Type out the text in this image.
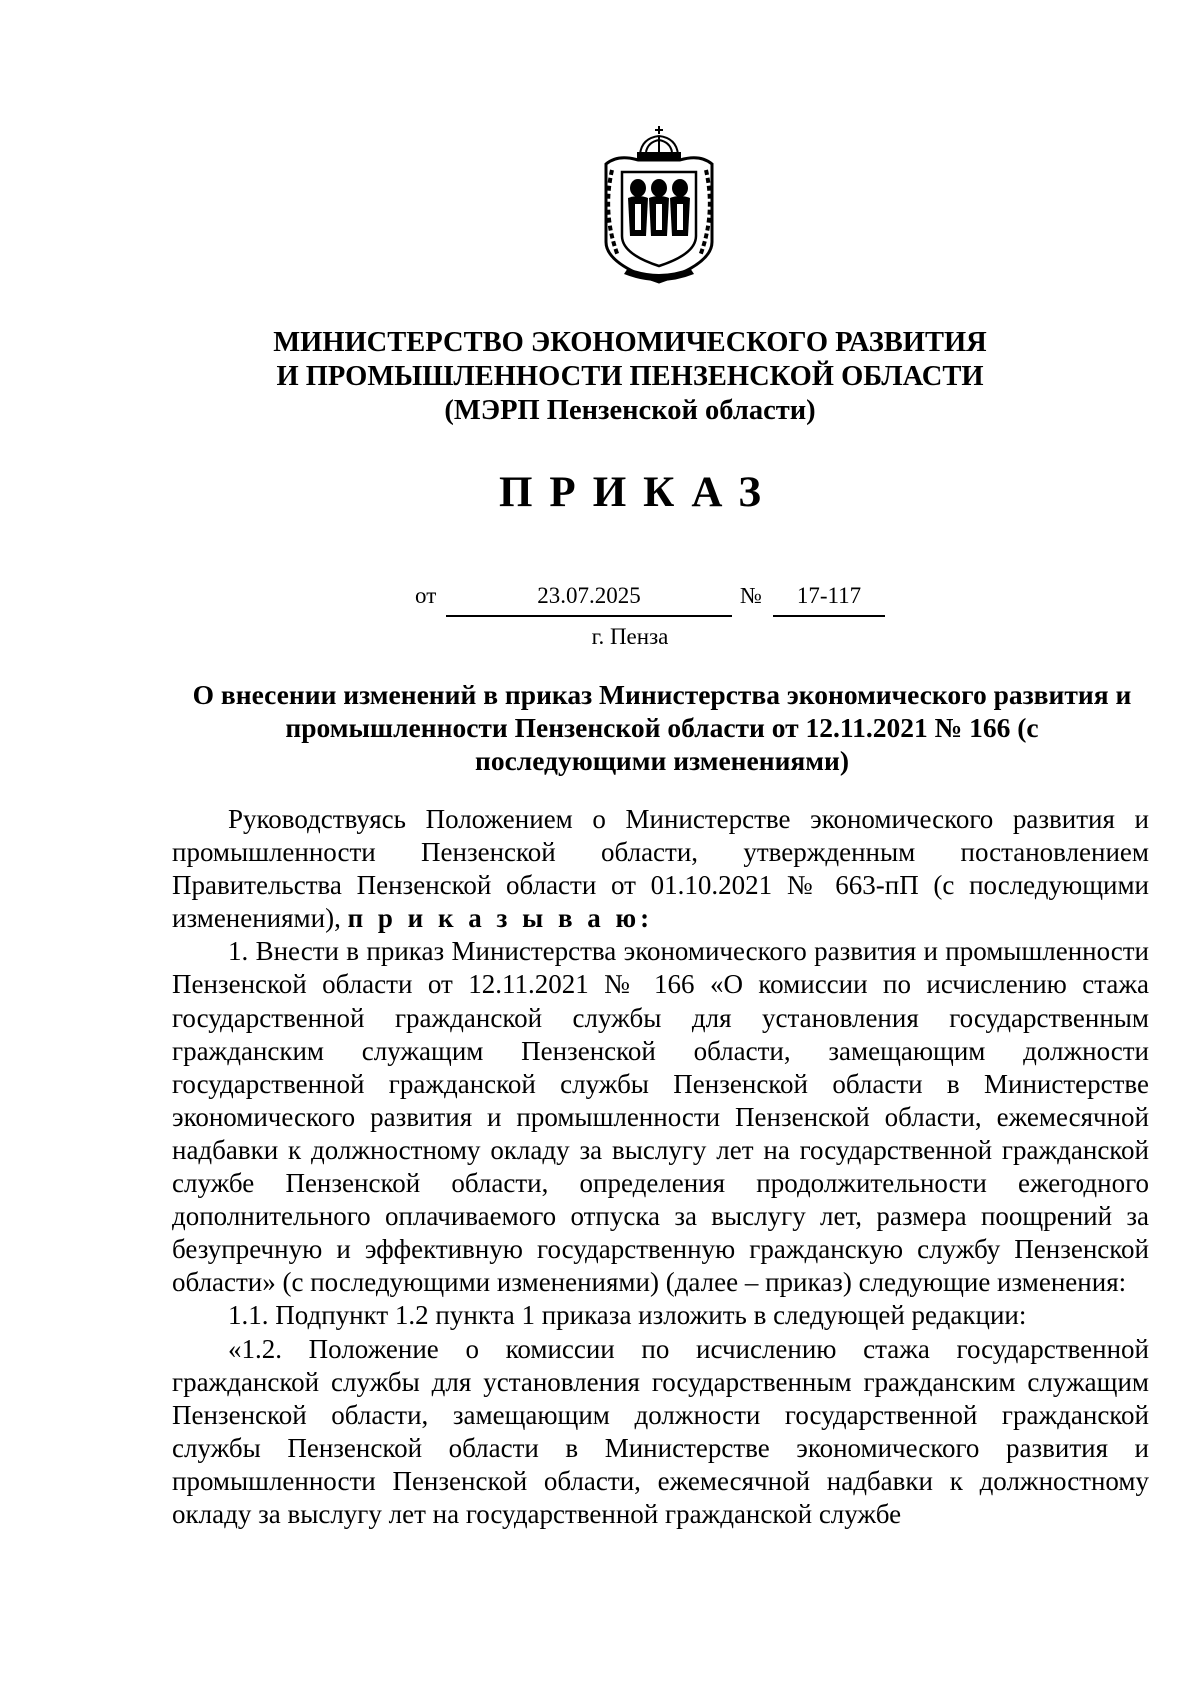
МИНИСТЕРСТВО ЭКОНОМИЧЕСКОГО РАЗВИТИЯ
И ПРОМЫШЛЕННОСТИ ПЕНЗЕНСКОЙ ОБЛАСТИ
(МЭРП Пензенской области)
ПРИКАЗ
от	23.07.2025	№	17-117
г. Пенза
О внесении изменений в приказ Министерства экономического развития и
промышленности Пензенской области от 12.11.2021 № 166 (с
последующими изменениями)

Руководствуясь Положением о Министерстве экономического развития и промышленности Пензенской области, утвержденным постановлением Правительства Пензенской области от 01.10.2021 № 663-пП (с последующими изменениями), п р и к а з ы в а ю:

1. Внести в приказ Министерства экономического развития и промышленности Пензенской области от 12.11.2021 № 166 «О комиссии по исчислению стажа государственной гражданской службы для установления государственным гражданским служащим Пензенской области, замещающим должности государственной гражданской службы Пензенской области в Министерстве экономического развития и промышленности Пензенской области, ежемесячной надбавки к должностному окладу за выслугу лет на государственной гражданской службе Пензенской области, определения продолжительности ежегодного дополнительного оплачиваемого отпуска за выслугу лет, размера поощрений за безупречную и эффективную государственную гражданскую службу Пензенской области» (с последующими изменениями) (далее – приказ) следующие изменения:

1.1. Подпункт 1.2 пункта 1 приказа изложить в следующей редакции:

«1.2. Положение о комиссии по исчислению стажа государственной гражданской службы для установления государственным гражданским служащим Пензенской области, замещающим должности государственной гражданской службы Пензенской области в Министерстве экономического развития и промышленности Пензенской области, ежемесячной надбавки к должностному окладу за выслугу лет на государственной гражданской службе
